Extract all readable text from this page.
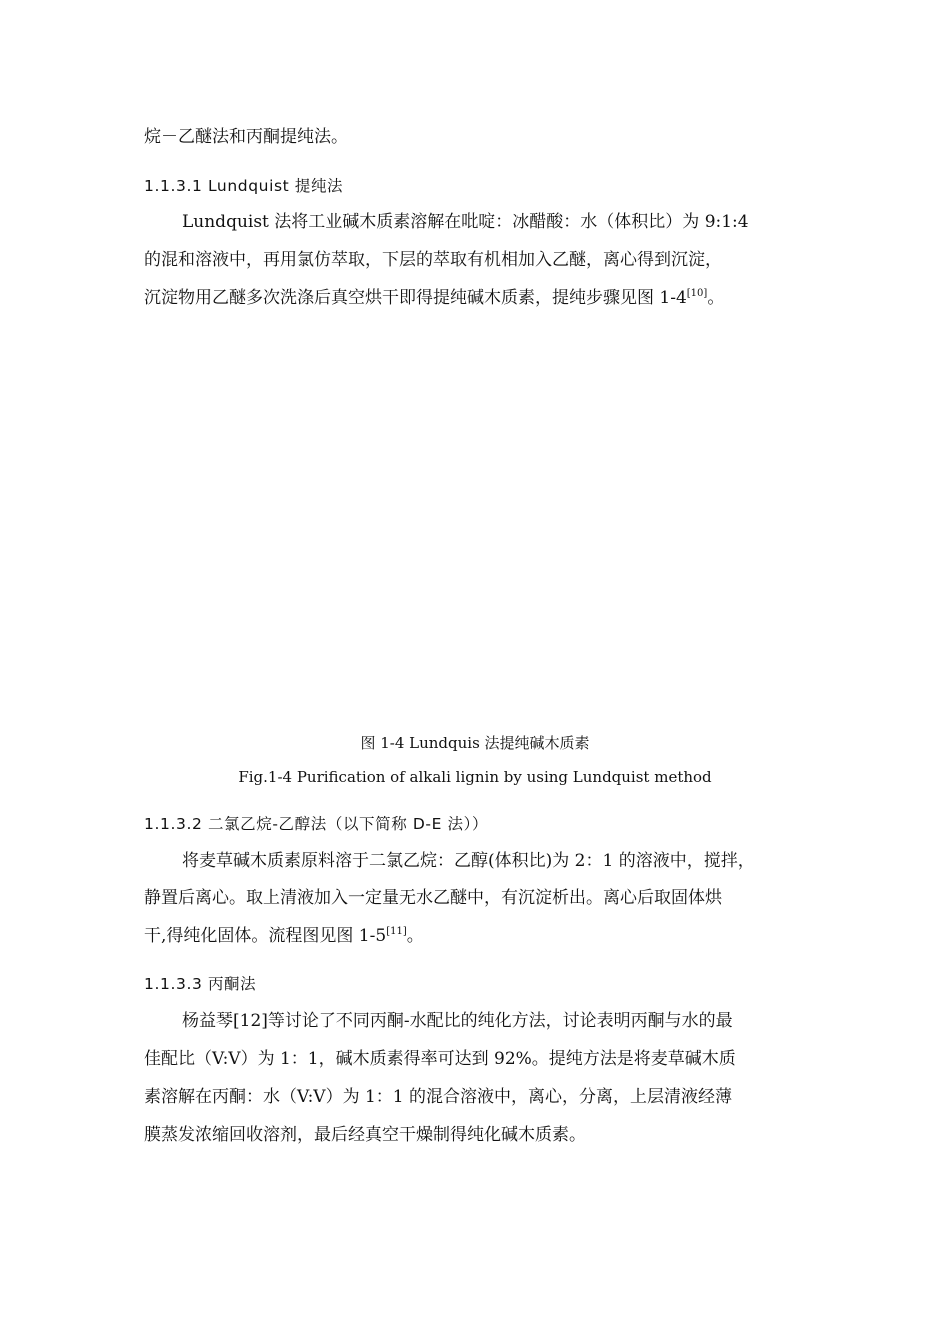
烷－乙醚法和丙酮提纯法。
1.1.3.1 Lundquist 提纯法
Lundquist 法将工业碱木质素溶解在吡啶：冰醋酸：水（体积比）为 9:1:4
的混和溶液中，再用氯仿萃取，下层的萃取有机相加入乙醚，离心得到沉淀，
沉淀物用乙醚多次洗涤后真空烘干即得提纯碱木质素，提纯步骤见图 1-4[10]。
图 1-4 Lundquis 法提纯碱木质素
Fig.1-4 Purification of alkali lignin by using Lundquist method
1.1.3.2 二氯乙烷-乙醇法（以下简称 D-E 法））
将麦草碱木质素原料溶于二氯乙烷：乙醇(体积比)为 2：1 的溶液中，搅拌，
静置后离心。取上清液加入一定量无水乙醚中，有沉淀析出。离心后取固体烘
干,得纯化固体。流程图见图 1-5[11]。
1.1.3.3 丙酮法
杨益琴[12]等讨论了不同丙酮-水配比的纯化方法，讨论表明丙酮与水的最
佳配比（V:V）为 1：1，碱木质素得率可达到 92%。提纯方法是将麦草碱木质
素溶解在丙酮：水（V:V）为 1：1 的混合溶液中，离心，分离，上层清液经薄
膜蒸发浓缩回收溶剂，最后经真空干燥制得纯化碱木质素。
